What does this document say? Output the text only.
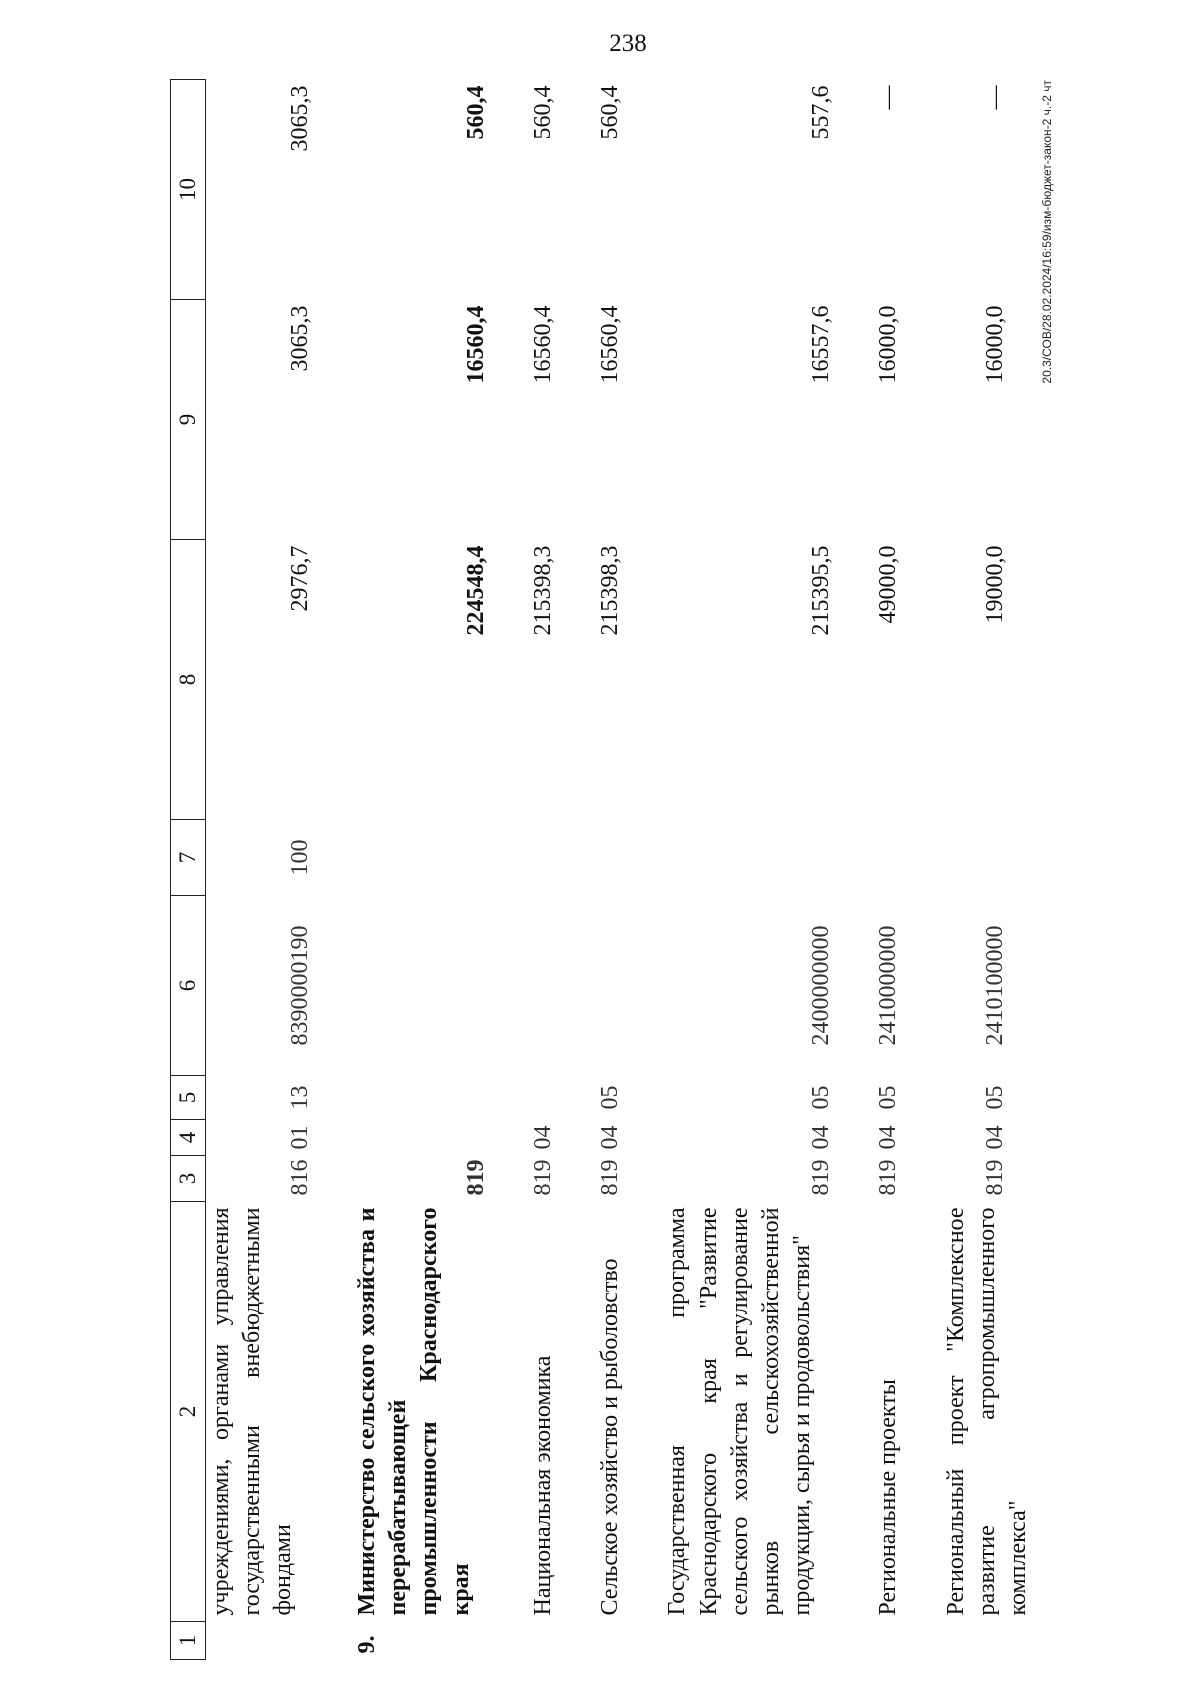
238
1	2	3	4	5	6	7	8	9	10
	учреждениями, органами управления государственными внебюджетными фондами	816	01	13	8390000190	100	2976,7	3065,3	3065,3

9.	Министерство сельского хозяйства и перерабатывающей промышленности Краснодарского края	819					224548,4	16560,4	560,4

	Национальная экономика	819	04				215398,3	16560,4	560,4

	Сельское хозяйство и рыболовство	819	04	05			215398,3	16560,4	560,4

	Государственная программа Краснодарского края "Развитие сельского хозяйства и регулирование рынков сельскохозяйственной продукции, сырья и продовольствия"	819	04	05	2400000000		215395,5	16557,6	557,6

	Региональные проекты	819	04	05	2410000000		49000,0	16000,0	—

	Региональный проект "Комплексное развитие агропромышленного комплекса"	819	04	05	2410100000		19000,0	16000,0	—	20.3/СОВ/28.02.2024/16:59/изм-бюджет-закон-2 ч.-2 чт
